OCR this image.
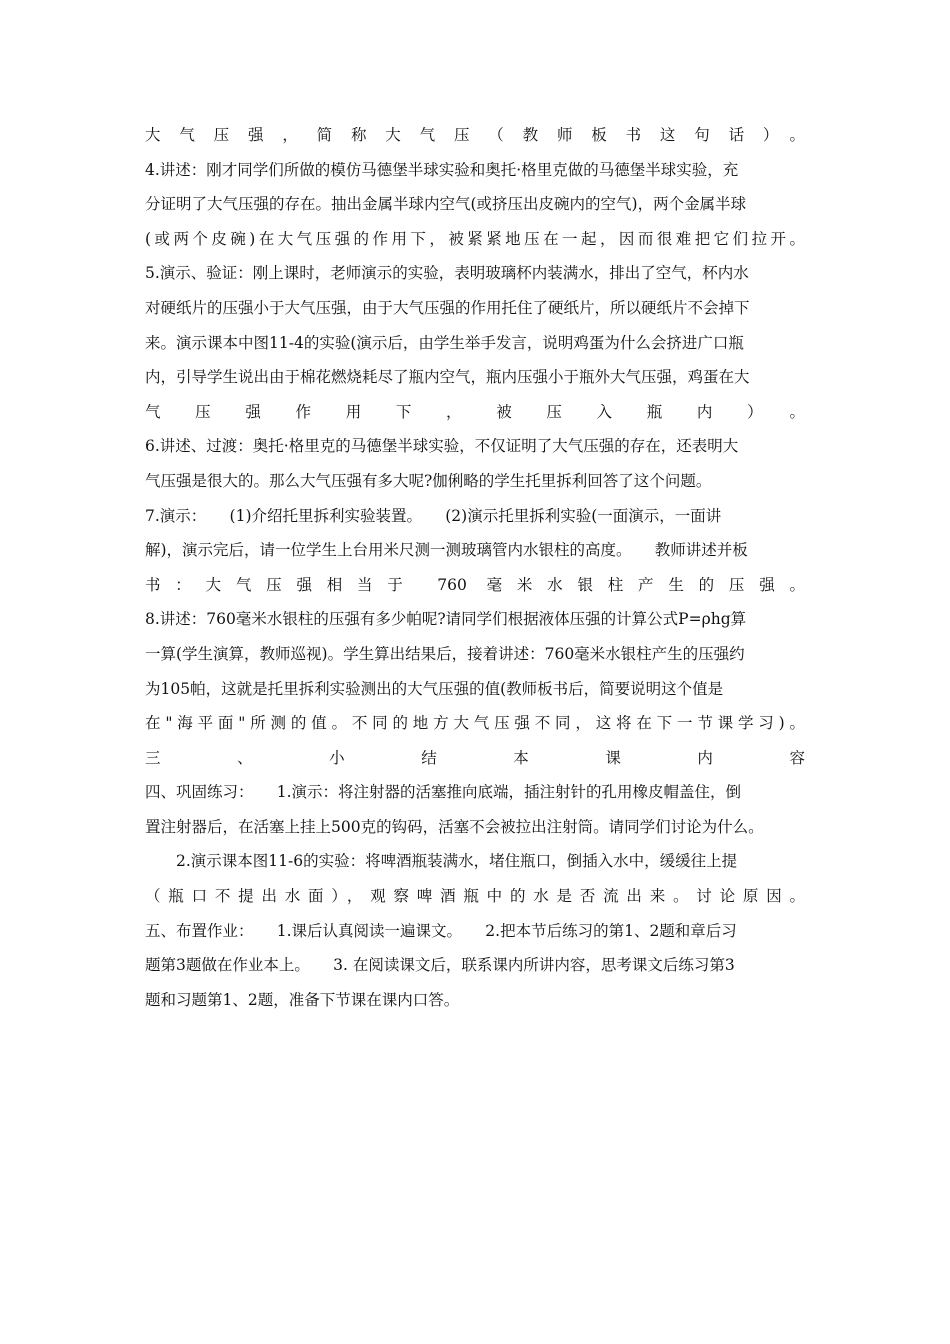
大气压强，简称大气压（教师板书这句话）。
4.讲述：刚才同学们所做的模仿马德堡半球实验和奥托·格里克做的马德堡半球实验，充
分证明了大气压强的存在。抽出金属半球内空气(或挤压出皮碗内的空气)，两个金属半球
(或两个皮碗)在大气压强的作用下，被紧紧地压在一起，因而很难把它们拉开。
5.演示、验证：刚上课时，老师演示的实验，表明玻璃杯内装满水，排出了空气，杯内水
对硬纸片的压强小于大气压强，由于大气压强的作用托住了硬纸片，所以硬纸片不会掉下
来。演示课本中图11-4的实验(演示后，由学生举手发言，说明鸡蛋为什么会挤进广口瓶
内，引导学生说出由于棉花燃烧耗尽了瓶内空气，瓶内压强小于瓶外大气压强，鸡蛋在大
气压强作用下，被压入瓶内）。
6.讲述、过渡：奥托·格里克的马德堡半球实验，不仅证明了大气压强的存在，还表明大
气压强是很大的。那么大气压强有多大呢?伽俐略的学生托里拆利回答了这个问题。
7.演示：　　(1)介绍托里拆利实验装置。　　(2)演示托里拆利实验(一面演示，一面讲
解)，演示完后，请一位学生上台用米尺测一测玻璃管内水银柱的高度。　　教师讲述并板
书：大气压强相当于 760 毫米水银柱产生的压强。
8.讲述：760毫米水银柱的压强有多少帕呢?请同学们根据液体压强的计算公式P=ρhg算
一算(学生演算，教师巡视)。学生算出结果后，接着讲述：760毫米水银柱产生的压强约
为105帕，这就是托里拆利实验测出的大气压强的值(教师板书后，简要说明这个值是
在"海平面"所测的值。不同的地方大气压强不同，这将在下一节课学习)。
三、小结本课内容
四、巩固练习：　　1.演示：将注射器的活塞推向底端，插注射针的孔用橡皮帽盖住，倒
置注射器后，在活塞上挂上500克的钩码，活塞不会被拉出注射筒。请同学们讨论为什么。
　　2.演示课本图11-6的实验：将啤酒瓶装满水，堵住瓶口，倒插入水中，缓缓往上提
（瓶口不提出水面），观察啤酒瓶中的水是否流出来。讨论原因。
五、布置作业：　　1.课后认真阅读一遍课文。　　2.把本节后练习的第1、2题和章后习
题第3题做在作业本上。　　3. 在阅读课文后，联系课内所讲内容，思考课文后练习第3
题和习题第1、2题，准备下节课在课内口答。
